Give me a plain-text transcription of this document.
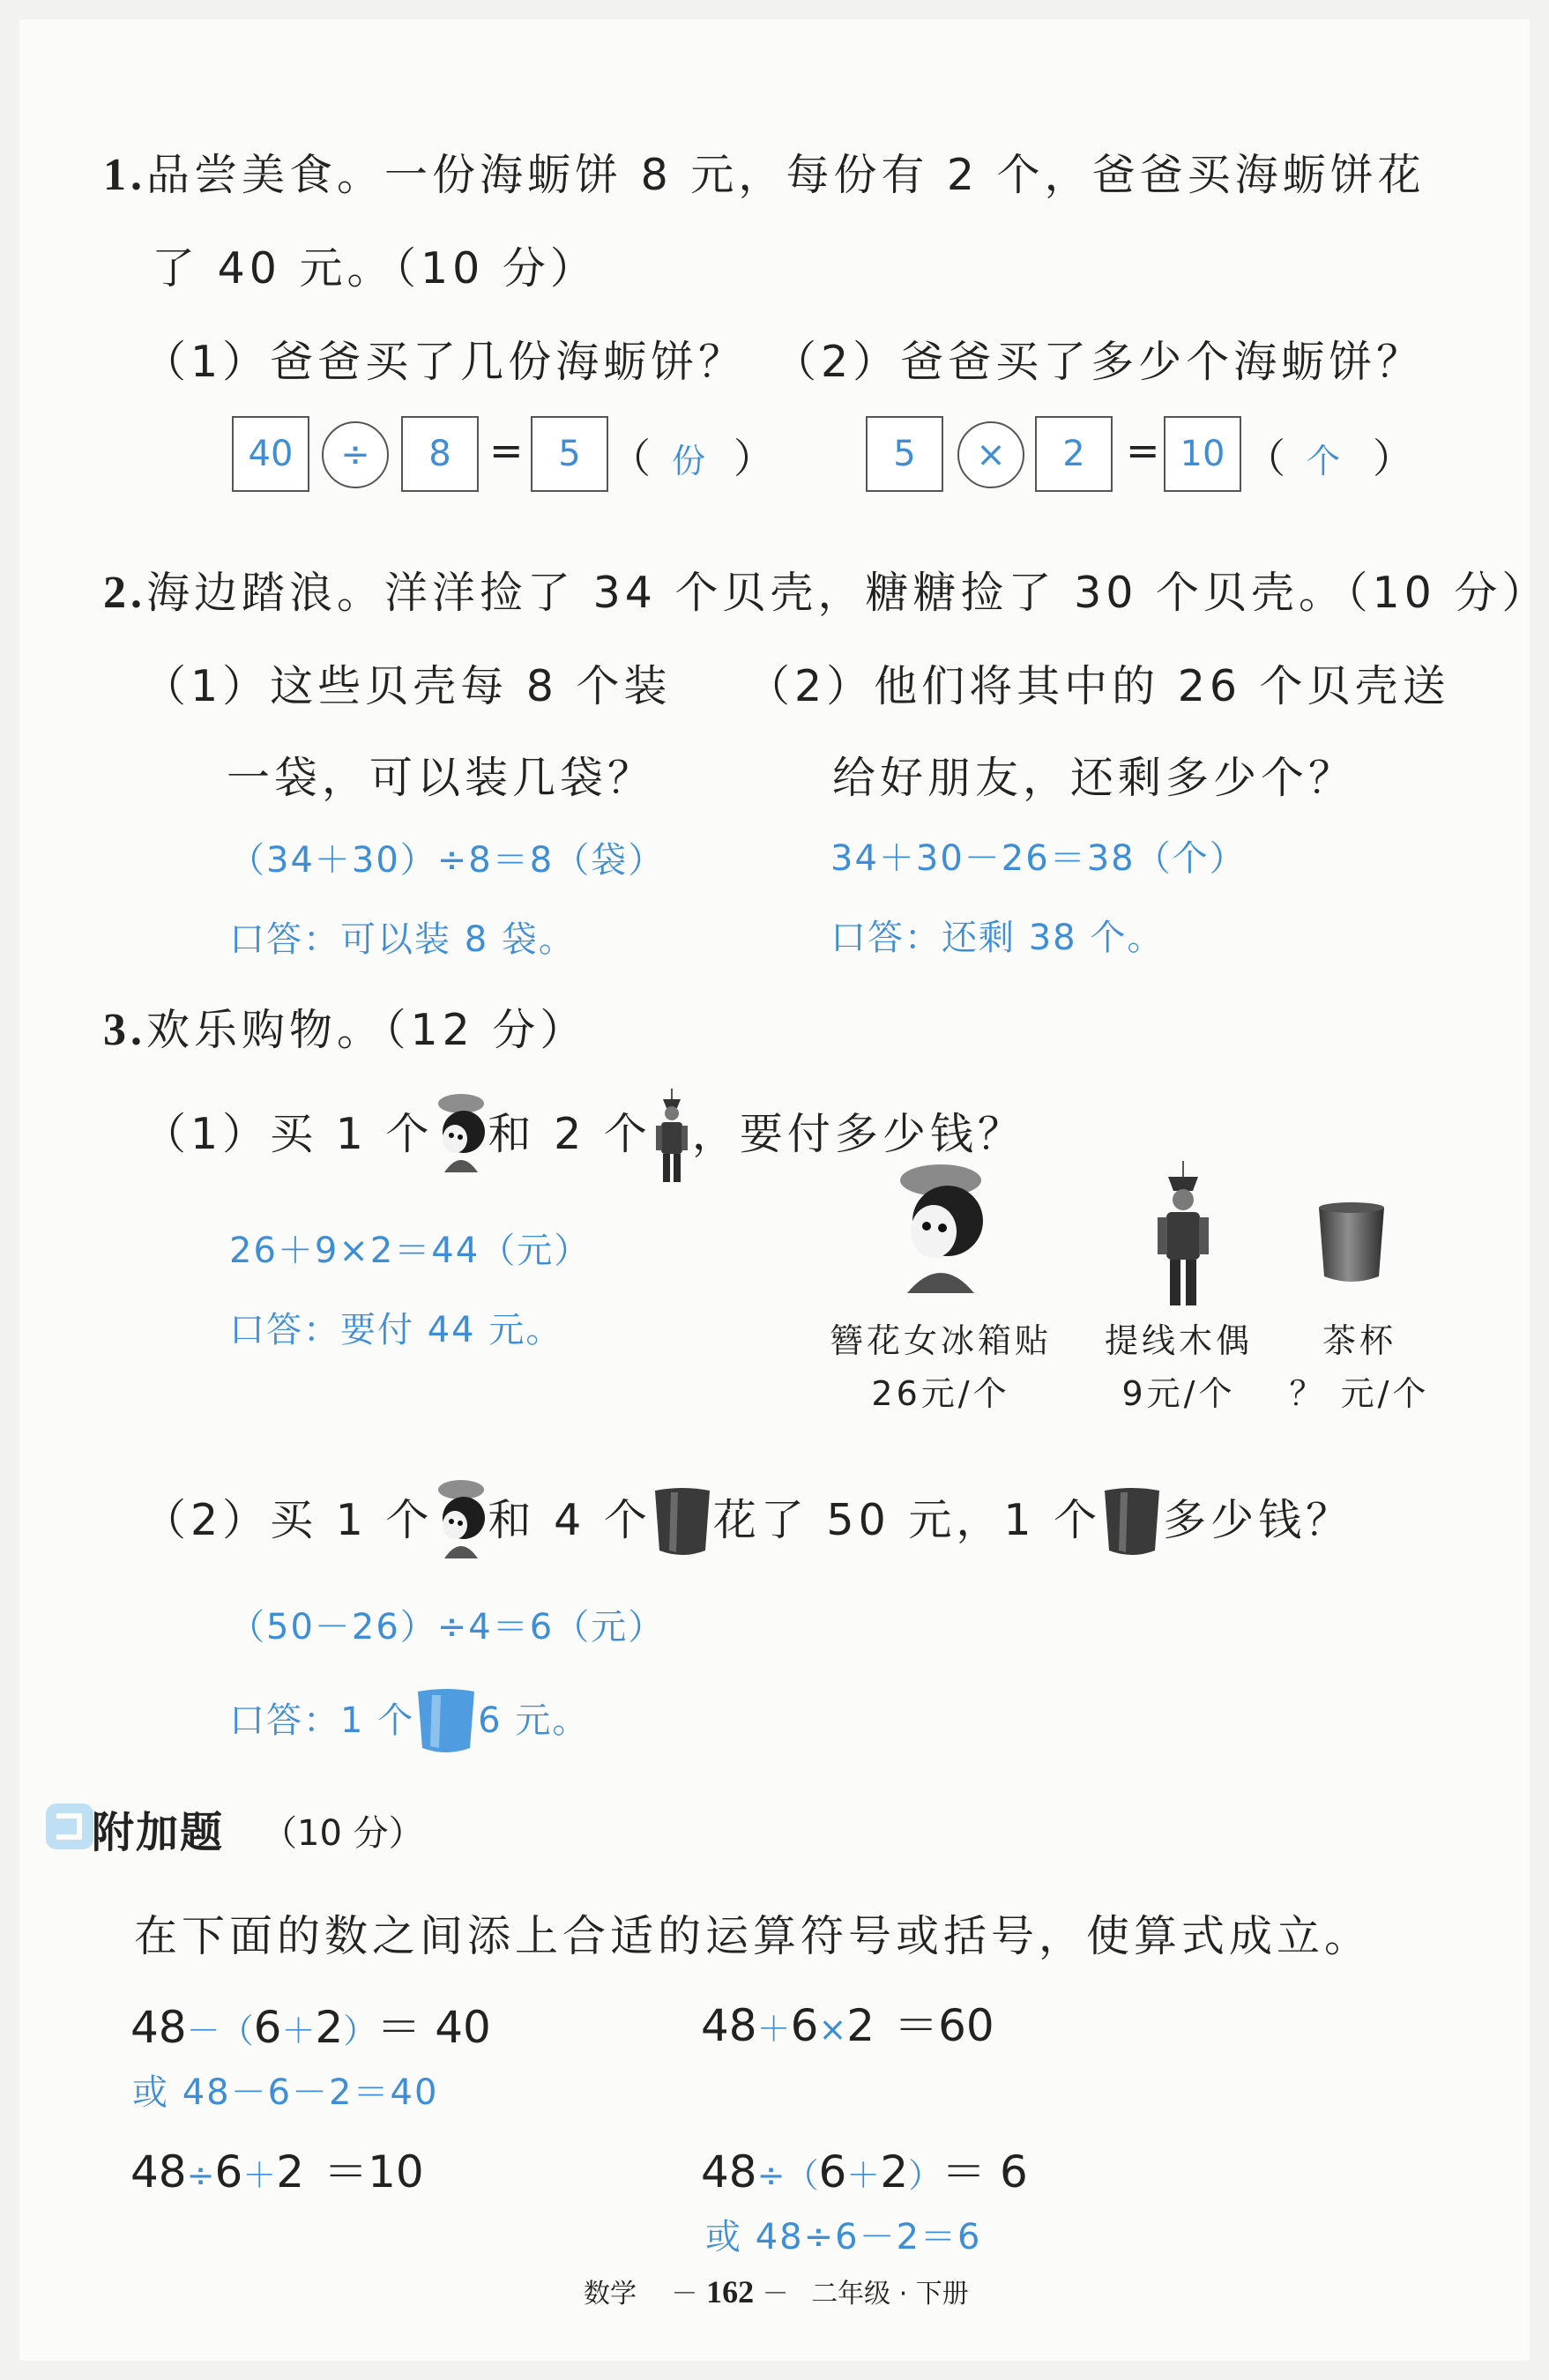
1.品尝美食。一份海蛎饼 8 元，每份有 2 个，爸爸买海蛎饼花
了 40 元。（10 分）
（1）爸爸买了几份海蛎饼？ （2）爸爸买了多少个海蛎饼？
40	÷	8 = 5 （ 份 ）	5	×	2	= 10 （ 个 ）
2.海边踏浪。洋洋捡了 34 个贝壳，糖糖捡了 30 个贝壳。（10 分）
（1）这些贝壳每 8 个装
一袋，可以装几袋？
（2）他们将其中的 26 个贝壳送
给好朋友，还剩多少个？
（34＋30）÷8＝8（袋）
口答：可以装 8 袋。
34＋30－26＝38（个）
口答：还剩 38 个。
3.欢乐购物。（12 分）
（1）买 1 个 和 2 个 ，要付多少钱？
26＋9×2＝44（元）
口答：要付 44 元。	簪花女冰箱贴
26元/个
提线木偶
9元/个
茶杯
？ 元/个
（2）买 1 个 和 4 个 花了 50 元，1 个 多少钱？
（50－26）÷4＝6（元）
口答：1 个 6 元。
附加题 （10 分）
在下面的数之间添上合适的运算符号或括号，使算式成立。
48－（6＋2）＝ 40
或 48－6－2＝40
48＋6×2 ＝60
48÷6＋2 ＝10	48÷（6＋2）＝ 6
或 48÷6－2＝6
数学 － 162 － 二年级 · 下册
